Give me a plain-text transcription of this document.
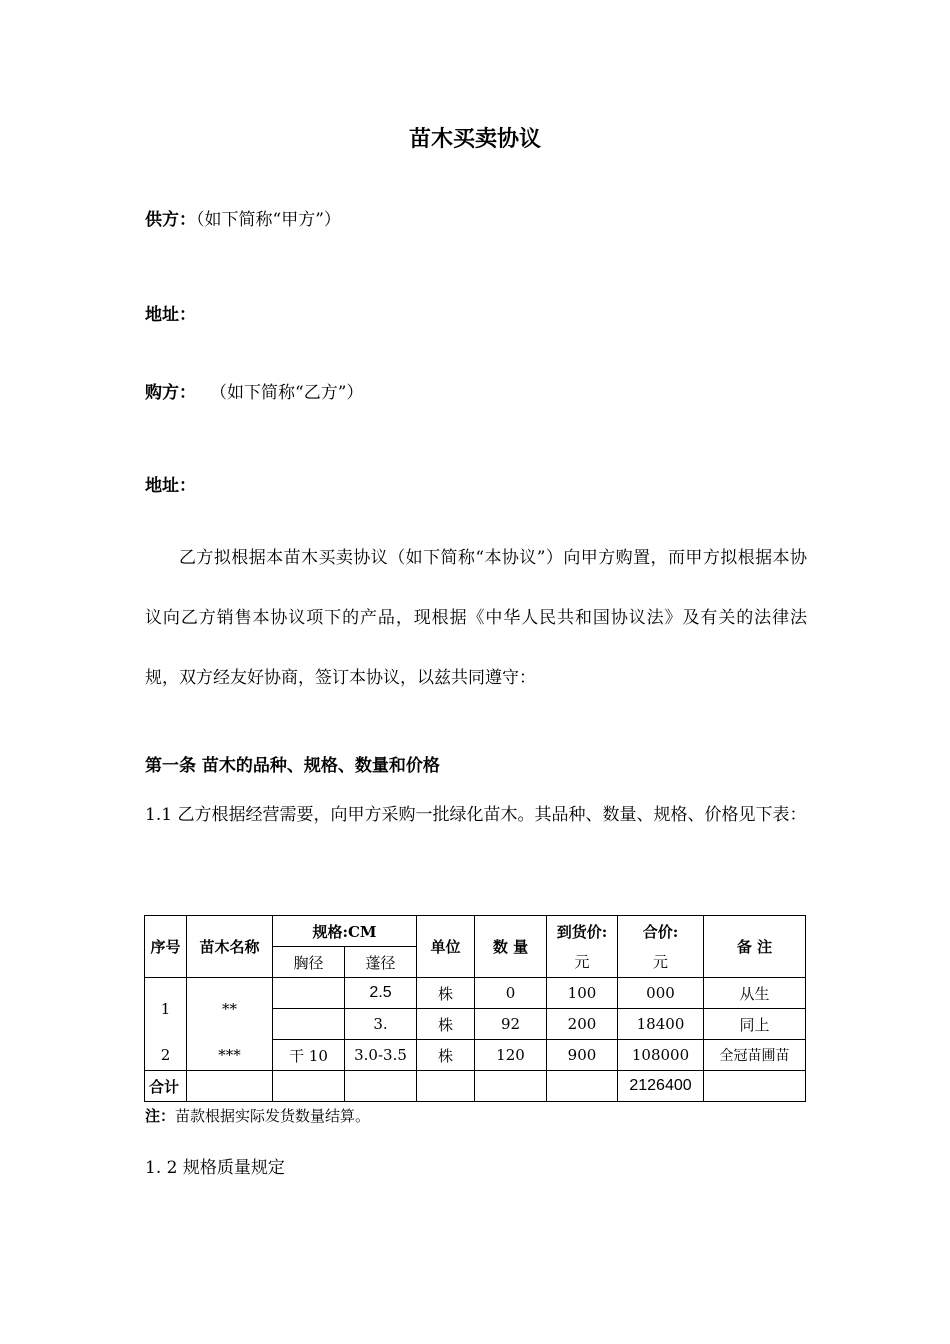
苗木买卖协议
供方：（如下简称“甲方”）
地址：
购方： （如下简称“乙方”）
地址：
乙方拟根据本苗木买卖协议（如下简称“本协议”）向甲方购置，而甲方拟根据本协议向乙方销售本协议项下的产品，现根据《中华人民共和国协议法》及有关的法律法规，双方经友好协商，签订本协议，以兹共同遵守：
第一条 苗木的品种、规格、数量和价格
1.1 乙方根据经营需要，向甲方采购一批绿化苗木。其品种、数量、规格、价格见下表：
序号	苗木名称	规格:CM		单位	数 量	到货价:	合价:	备 注
		胸径	蓬径			元	元	
1	**		2.5	株	0	100	000	从生
			3.	株	92	200	18400	同上
2	***	干 10	3.0-3.5	株	120	900	108000	全冠苗圃苗
合计							2126400	
注：苗款根据实际发货数量结算。
1. 2 规格质量规定
